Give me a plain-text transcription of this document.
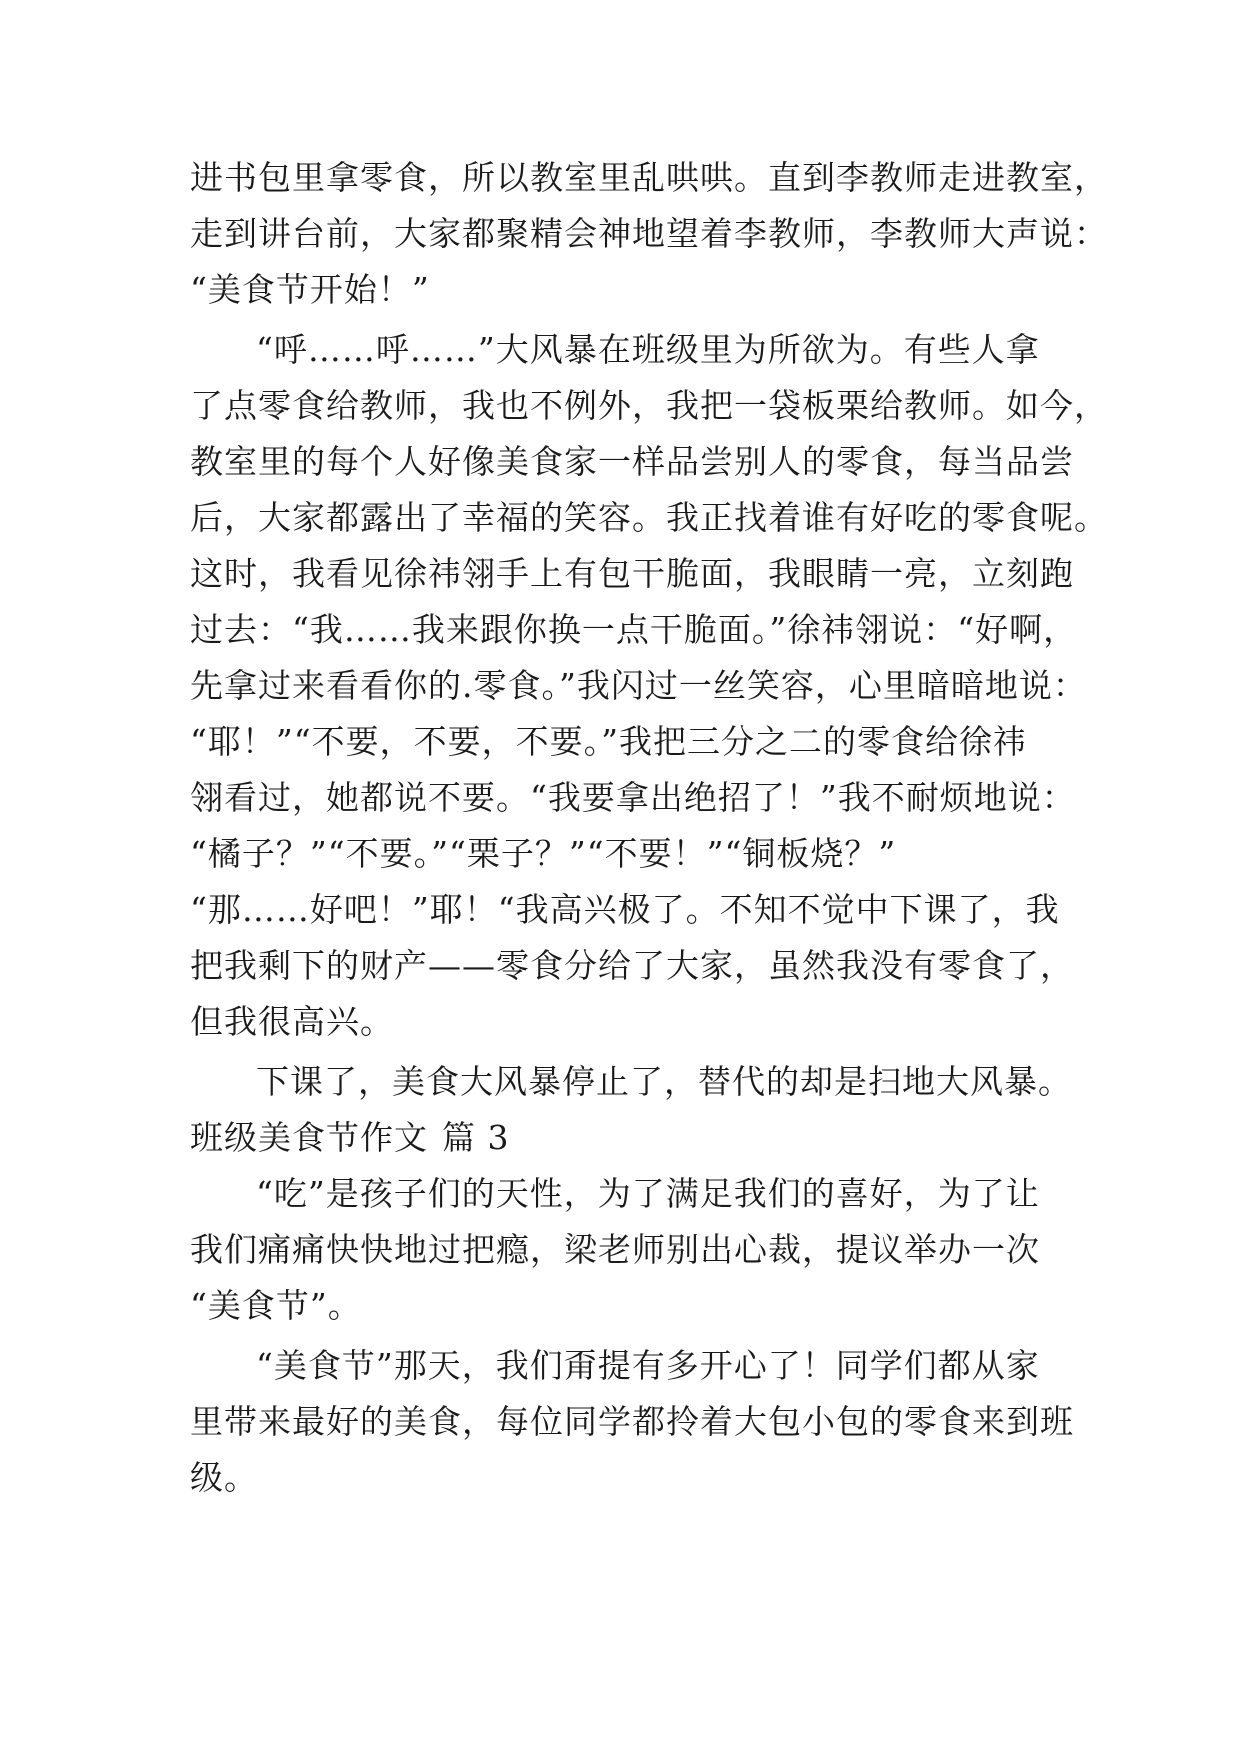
进书包里拿零食，所以教室里乱哄哄。直到李教师走进教室，
走到讲台前，大家都聚精会神地望着李教师，李教师大声说：
“美食节开始！”
“呼……呼……”大风暴在班级里为所欲为。有些人拿
了点零食给教师，我也不例外，我把一袋板栗给教师。如今，
教室里的每个人好像美食家一样品尝别人的零食，每当品尝
后，大家都露出了幸福的笑容。我正找着谁有好吃的零食呢。
这时，我看见徐祎翎手上有包干脆面，我眼睛一亮，立刻跑
过去：“我……我来跟你换一点干脆面。”徐祎翎说：“好啊，
先拿过来看看你的.零食。”我闪过一丝笑容，心里暗暗地说：
“耶！”“不要，不要，不要。”我把三分之二的零食给徐祎
翎看过，她都说不要。“我要拿出绝招了！”我不耐烦地说：
“橘子？”“不要。”“栗子？”“不要！”“铜板烧？”
“那……好吧！”耶！“我高兴极了。不知不觉中下课了，我
把我剩下的财产——零食分给了大家，虽然我没有零食了，
但我很高兴。
下课了，美食大风暴停止了，替代的却是扫地大风暴。
班级美食节作文 篇 3
“吃”是孩子们的天性，为了满足我们的喜好，为了让
我们痛痛快快地过把瘾，梁老师别出心裁，提议举办一次
“美食节”。
“美食节”那天，我们甭提有多开心了！同学们都从家
里带来最好的美食，每位同学都拎着大包小包的零食来到班
级。
